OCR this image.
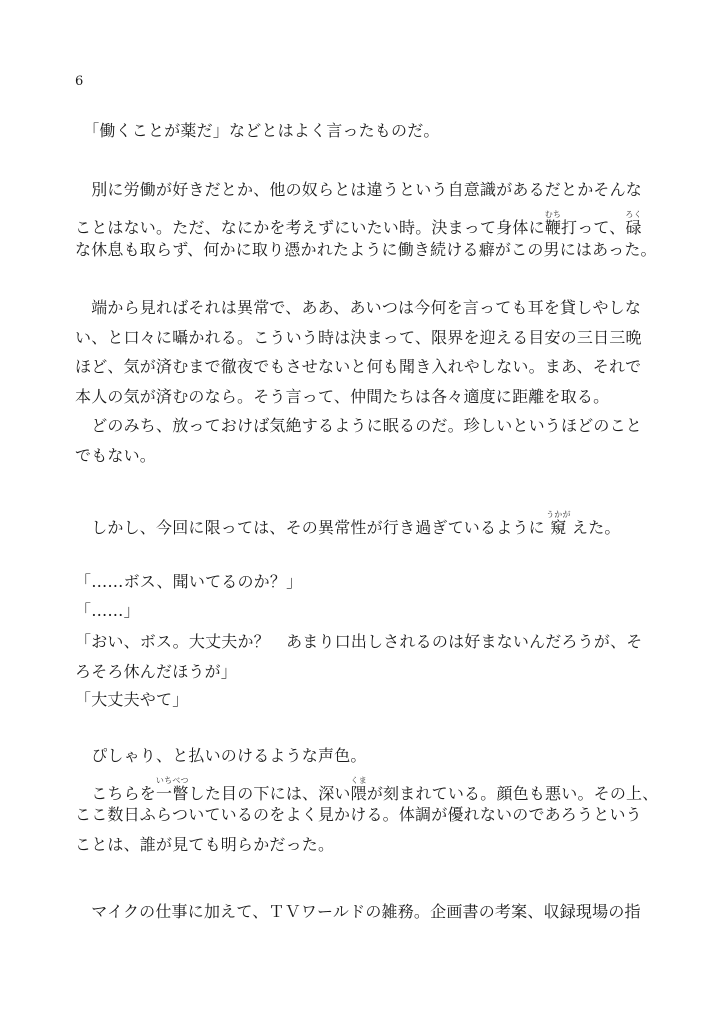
6
　「働くことが薬だ」などとはよく言ったものだ。
　別に労働が好きだとか、他の奴らとは違うという自意識があるだとかそんな
ことはない。ただ、なにかを考えずにいたい時。決まって身体に鞭むち打って、碌ろく
な休息も取らず、何かに取り憑かれたように働き続ける癖がこの男にはあった。
　端から見ればそれは異常で、ああ、あいつは今何を言っても耳を貸しやしな
い、と口々に囁かれる。こういう時は決まって、限界を迎える目安の三日三晩
ほど、気が済むまで徹夜でもさせないと何も聞き入れやしない。まあ、それで
本人の気が済むのなら。そう言って、仲間たちは各々適度に距離を取る。
　どのみち、放っておけば気絶するように眠るのだ。珍しいというほどのこと
でもない。
　しかし、今回に限っては、その異常性が行き過ぎているように 窺うかが えた。
「……ボス、聞いてるのか？」
「……」
「おい、ボス。大丈夫か？　あまり口出しされるのは好まないんだろうが、そ
ろそろ休んだほうが」
「大丈夫やて」
　ぴしゃり、と払いのけるような声色。
　こちらを一瞥いちべつした目の下には、深い隈くまが刻まれている。顔色も悪い。その上、
ここ数日ふらついているのをよく見かける。体調が優れないのであろうという
ことは、誰が見ても明らかだった。
　マイクの仕事に加えて、ＴＶワールドの雑務。企画書の考案、収録現場の指
